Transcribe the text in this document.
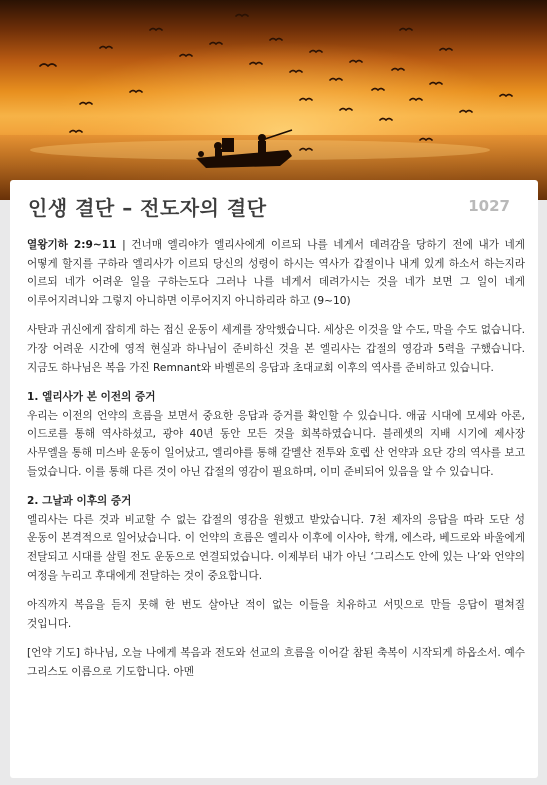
인생 결단 – 전도자의 결단	1027

열왕기하 2:9~11 | 건너매 엘리야가 엘리사에게 이르되 나를 네게서 데려감을 당하기 전에 내가 네게 어떻게 할지를 구하라 엘리사가 이르되 당신의 성령이 하시는 역사가 갑절이나 내게 있게 하소서 하는지라 이르되 네가 어려운 일을 구하는도다 그러나 나를 네게서 데려가시는 것을 네가 보면 그 일이 네게 이루어지려니와 그렇지 아니하면 이루어지지 아니하리라 하고 (9~10)

사탄과 귀신에게 잡히게 하는 접신 운동이 세계를 장악했습니다. 세상은 이것을 알 수도, 막을 수도 없습니다. 가장 어려운 시간에 영적 현실과 하나님이 준비하신 것을 본 엘리사는 갑절의 영감과 5력을 구했습니다. 지금도 하나님은 복음 가진 Remnant와 바벨론의 응답과 초대교회 이후의 역사를 준비하고 있습니다.

1. 엘리사가 본 이전의 증거

우리는 이전의 언약의 흐름을 보면서 중요한 응답과 증거를 확인할 수 있습니다. 애굽 시대에 모세와 아론, 이드로를 통해 역사하셨고, 광야 40년 동안 모든 것을 회복하였습니다. 블레셋의 지배 시기에 제사장 사무엘을 통해 미스바 운동이 일어났고, 엘리야를 통해 갈멜산 전투와 호렙 산 언약과 요단 강의 역사를 보고 들었습니다. 이를 통해 다른 것이 아닌 갑절의 영감이 필요하며, 이미 준비되어 있음을 알 수 있습니다.

2. 그날과 이후의 증거

엘리사는 다른 것과 비교할 수 없는 갑절의 영감을 원했고 받았습니다. 7천 제자의 응답을 따라 도단 성 운동이 본격적으로 일어났습니다. 이 언약의 흐름은 엘리사 이후에 이사야, 학개, 에스라, 베드로와 바울에게 전달되고 시대를 살릴 전도 운동으로 연결되었습니다. 이제부터 내가 아닌 ‘그리스도 안에 있는 나’와 언약의 여정을 누리고 후대에게 전달하는 것이 중요합니다.

아직까지 복음을 듣지 못해 한 번도 살아난 적이 없는 이들을 치유하고 서밋으로 만들 응답이 펼쳐질 것입니다.

[언약 기도] 하나님, 오늘 나에게 복음과 전도와 선교의 흐름을 이어갈 참된 축복이 시작되게 하옵소서. 예수 그리스도 이름으로 기도합니다. 아멘
